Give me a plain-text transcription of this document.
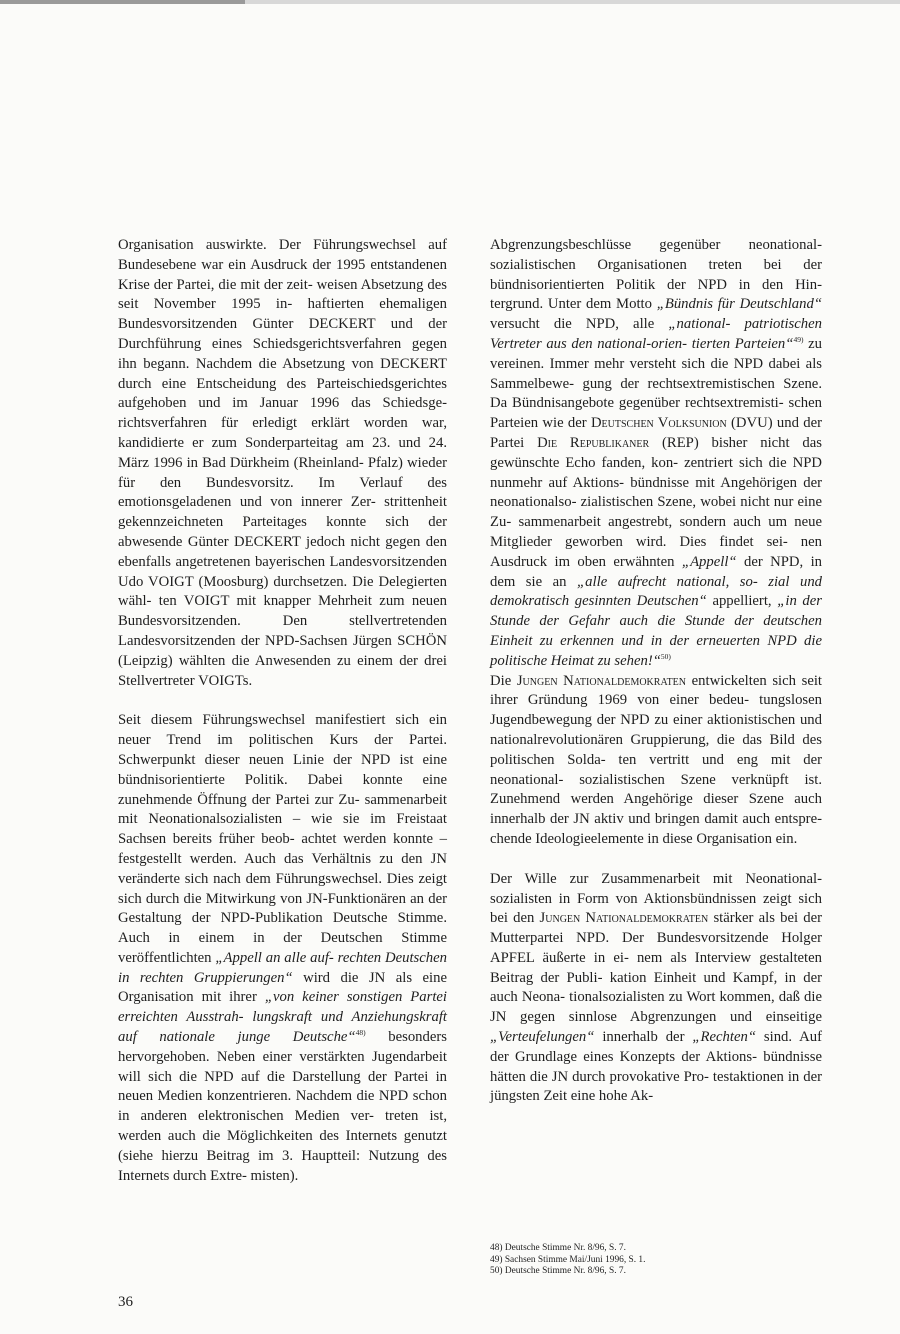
Organisation auswirkte. Der Führungswechsel auf Bundesebene war ein Ausdruck der 1995 entstandenen Krise der Partei, die mit der zeit- weisen Absetzung des seit November 1995 in- haftierten ehemaligen Bundesvorsitzenden Günter DECKERT und der Durchführung eines Schiedsgerichtsverfahren gegen ihn begann. Nachdem die Absetzung von DECKERT durch eine Entscheidung des Parteischiedsgerichtes aufgehoben und im Januar 1996 das Schiedsge- richtsverfahren für erledigt erklärt worden war, kandidierte er zum Sonderparteitag am 23. und 24. März 1996 in Bad Dürkheim (Rheinland- Pfalz) wieder für den Bundesvorsitz. Im Verlauf des emotionsgeladenen und von innerer Zer- strittenheit gekennzeichneten Parteitages konnte sich der abwesende Günter DECKERT jedoch nicht gegen den ebenfalls angetretenen bayerischen Landesvorsitzenden Udo VOIGT (Moosburg) durchsetzen. Die Delegierten wähl- ten VOIGT mit knapper Mehrheit zum neuen Bundesvorsitzenden. Den stellvertretenden Landesvorsitzenden der NPD-Sachsen Jürgen SCHÖN (Leipzig) wählten die Anwesenden zu einem der drei Stellvertreter VOIGTs.

Seit diesem Führungswechsel manifestiert sich ein neuer Trend im politischen Kurs der Partei. Schwerpunkt dieser neuen Linie der NPD ist eine bündnisorientierte Politik. Dabei konnte eine zunehmende Öffnung der Partei zur Zu- sammenarbeit mit Neonationalsozialisten – wie sie im Freistaat Sachsen bereits früher beob- achtet werden konnte – festgestellt werden. Auch das Verhältnis zu den JN veränderte sich nach dem Führungswechsel. Dies zeigt sich durch die Mitwirkung von JN-Funktionären an der Gestaltung der NPD-Publikation Deutsche Stimme. Auch in einem in der Deutschen Stimme veröffentlichten „Appell an alle auf- rechten Deutschen in rechten Gruppierungen“ wird die JN als eine Organisation mit ihrer „von keiner sonstigen Partei erreichten Ausstrah- lungskraft und Anziehungskraft auf nationale junge Deutsche“$^{48)}$ besonders hervorgehoben. Neben einer verstärkten Jugendarbeit will sich die NPD auf die Darstellung der Partei in neuen Medien konzentrieren. Nachdem die NPD schon in anderen elektronischen Medien ver- treten ist, werden auch die Möglichkeiten des Internets genutzt (siehe hierzu Beitrag im 3. Hauptteil: Nutzung des Internets durch Extre- misten).

Abgrenzungsbeschlüsse gegenüber neonational- sozialistischen Organisationen treten bei der bündnisorientierten Politik der NPD in den Hin- tergrund. Unter dem Motto „Bündnis für Deutschland“ versucht die NPD, alle „national- patriotischen Vertreter aus den national-orien- tierten Parteien“$^{49)}$ zu vereinen. Immer mehr versteht sich die NPD dabei als Sammelbewe- gung der rechtsextremistischen Szene. Da Bündnisangebote gegenüber rechtsextremisti- schen Parteien wie der Deutschen Volksunion (DVU) und der Partei Die Republikaner (REP) bisher nicht das gewünschte Echo fanden, kon- zentriert sich die NPD nunmehr auf Aktions- bündnisse mit Angehörigen der neonationalso- zialistischen Szene, wobei nicht nur eine Zu- sammenarbeit angestrebt, sondern auch um neue Mitglieder geworben wird. Dies findet sei- nen Ausdruck im oben erwähnten „Appell“ der NPD, in dem sie an „alle aufrecht national, so- zial und demokratisch gesinnten Deutschen“ appelliert, „in der Stunde der Gefahr auch die Stunde der deutschen Einheit zu erkennen und in der erneuerten NPD die politische Heimat zu sehen!“$^{50)}$

Die Jungen Nationaldemokraten entwickelten sich seit ihrer Gründung 1969 von einer bedeu- tungslosen Jugendbewegung der NPD zu einer aktionistischen und nationalrevolutionären Gruppierung, die das Bild des politischen Solda- ten vertritt und eng mit der neonational- sozialistischen Szene verknüpft ist. Zunehmend werden Angehörige dieser Szene auch innerhalb der JN aktiv und bringen damit auch entspre- chende Ideologieelemente in diese Organisation ein.

Der Wille zur Zusammenarbeit mit Neonational- sozialisten in Form von Aktionsbündnissen zeigt sich bei den Jungen Nationaldemokraten stärker als bei der Mutterpartei NPD. Der Bundesvorsitzende Holger APFEL äußerte in ei- nem als Interview gestalteten Beitrag der Publi- kation Einheit und Kampf, in der auch Neona- tionalsozialisten zu Wort kommen, daß die JN gegen sinnlose Abgrenzungen und einseitige „Verteufelungen“ innerhalb der „Rechten“ sind. Auf der Grundlage eines Konzepts der Aktions- bündnisse hätten die JN durch provokative Pro- testaktionen in der jüngsten Zeit eine hohe Ak-

48) Deutsche Stimme Nr. 8/96, S. 7.
49) Sachsen Stimme Mai/Juni 1996, S. 1.
50) Deutsche Stimme Nr. 8/96, S. 7.
36
